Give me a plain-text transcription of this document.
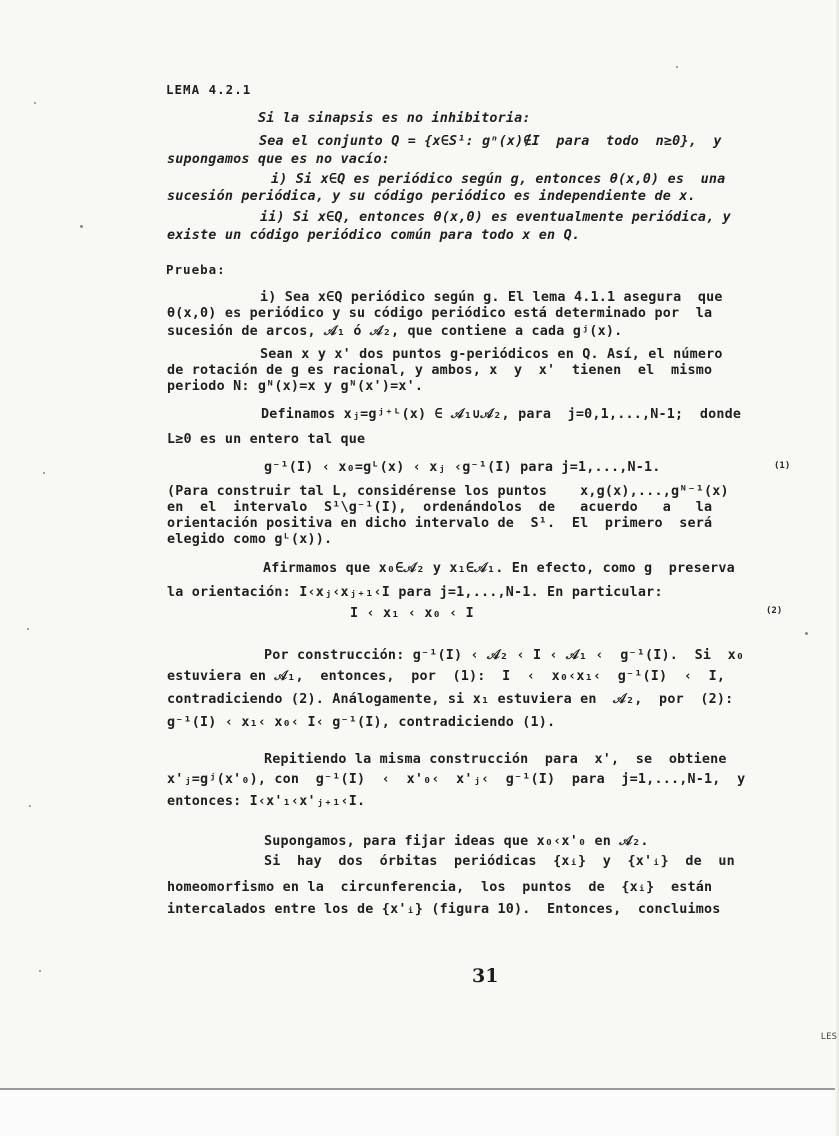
LES
LEMA 4.2.1
Si la sinapsis es no inhibitoria:
Sea el conjunto Q = {x∈S¹: gⁿ(x)∉I  para  todo  n≥0},  y
supongamos que es no vacío:
i) Si x∈Q es periódico según g, entonces θ(x,0) es  una
sucesión periódica, y su código periódico es independiente de x.
ii) Si x∈Q, entonces θ(x,0) es eventualmente periódica, y
existe un código periódico común para todo x en Q.
Prueba:
i) Sea x∈Q periódico según g. El lema 4.1.1 asegura  que
θ(x,0) es periódico y su código periódico está determinado por  la
sucesión de arcos, 𝒜₁ ó 𝒜₂, que contiene a cada gʲ(x).
Sean x y x' dos puntos g-periódicos en Q. Así, el número
de rotación de g es racional, y ambos, x  y  x'  tienen  el  mismo
periodo N: gᴺ(x)=x y gᴺ(x')=x'.
Definamos xⱼ=gʲ⁺ᴸ(x) ∈ 𝒜₁∪𝒜₂, para  j=0,1,...,N-1;  donde
L≥0 es un entero tal que
g⁻¹(I) ‹ x₀=gᴸ(x) ‹ xⱼ ‹g⁻¹(I) para j=1,...,N-1.	(1)
(Para construir tal L, considérense los puntos    x,g(x),...,gᴺ⁻¹(x)
en  el  intervalo  S¹\g⁻¹(I),  ordenándolos  de   acuerdo   a   la
orientación positiva en dicho intervalo de  S¹.  El  primero  será
elegido como gᴸ(x)).
Afirmamos que x₀∈𝒜₂ y x₁∈𝒜₁. En efecto, como g  preserva
la orientación: I‹xⱼ‹xⱼ₊₁‹I para j=1,...,N-1. En particular:
I ‹ x₁ ‹ x₀ ‹ I	(2)
Por construcción: g⁻¹(I) ‹ 𝒜₂ ‹ I ‹ 𝒜₁ ‹  g⁻¹(I).  Si  x₀
estuviera en 𝒜₁,  entonces,  por  (1):  I  ‹  x₀‹x₁‹  g⁻¹(I)  ‹  I,
contradiciendo (2). Análogamente, si x₁ estuviera en  𝒜₂,  por  (2):
g⁻¹(I) ‹ x₁‹ x₀‹ I‹ g⁻¹(I), contradiciendo (1).
Repitiendo la misma construcción  para  x',  se  obtiene
x'ⱼ=gʲ(x'₀), con  g⁻¹(I)  ‹  x'₀‹  x'ⱼ‹  g⁻¹(I)  para  j=1,...,N-1,  y
entonces: I‹x'₁‹x'ⱼ₊₁‹I.
Supongamos, para fijar ideas que x₀‹x'₀ en 𝒜₂.
Si  hay  dos  órbitas  periódicas  {xᵢ}  y  {x'ᵢ}  de  un
homeomorfismo en la  circunferencia,  los  puntos  de  {xᵢ}  están
intercalados entre los de {x'ᵢ} (figura 10).  Entonces,  concluimos
31
